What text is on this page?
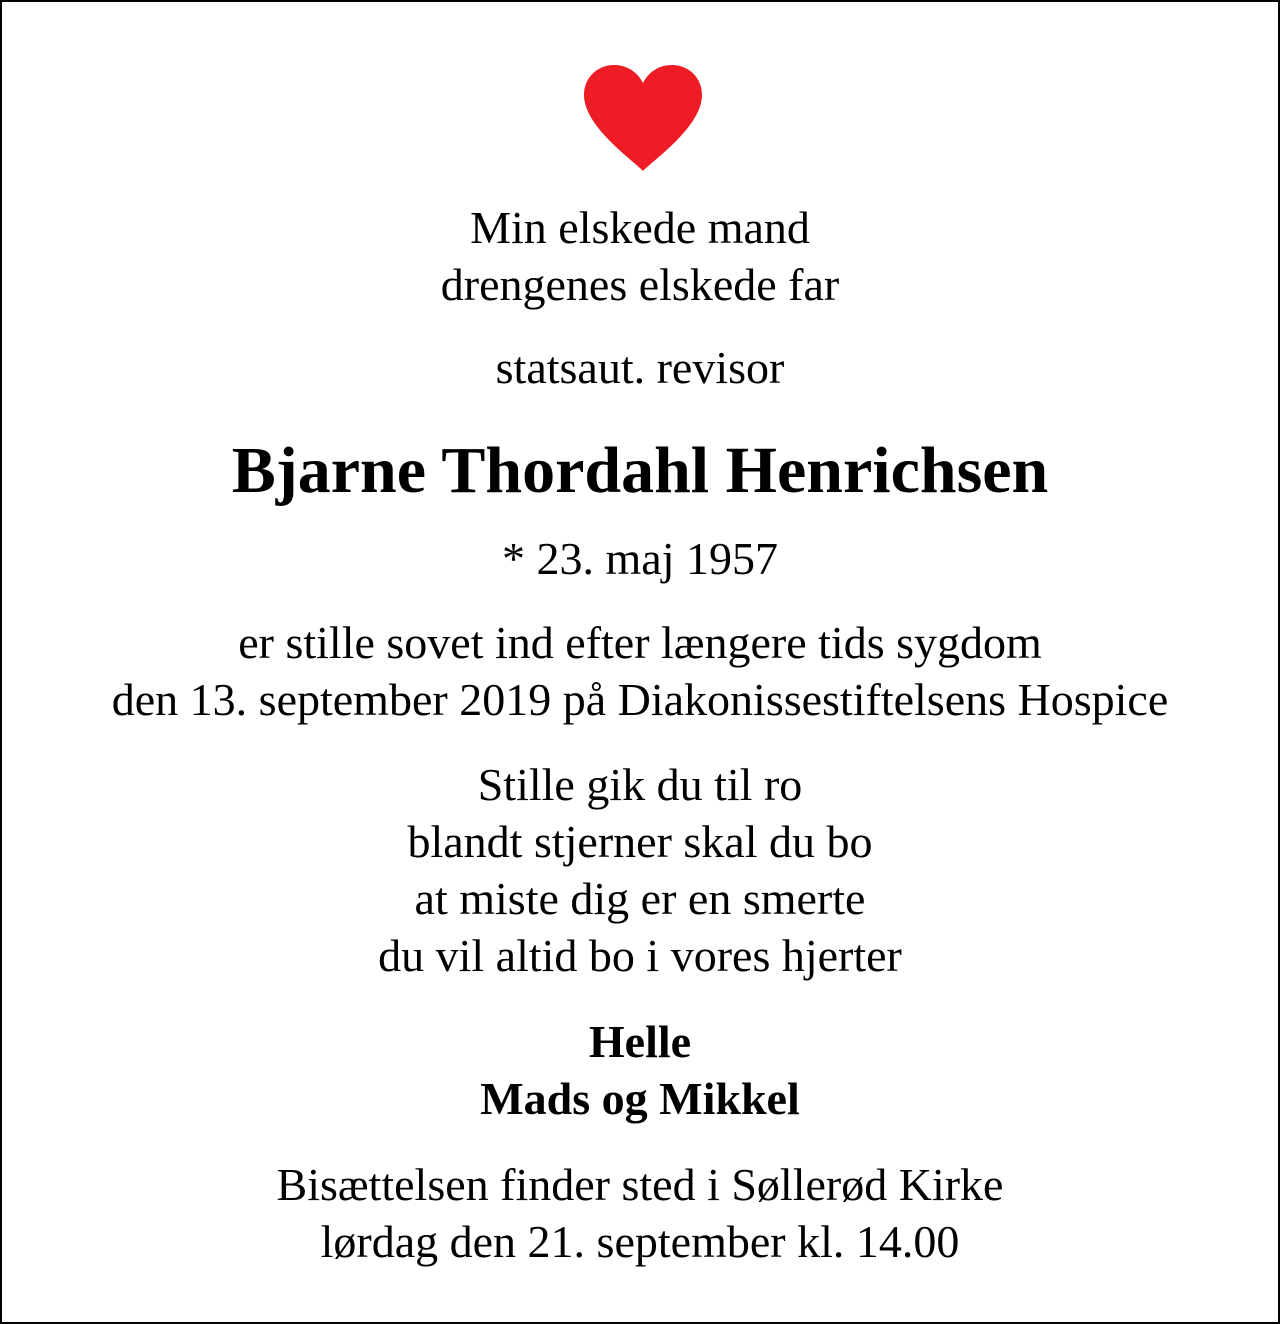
Min elskede mand
drengenes elskede far
statsaut. revisor
Bjarne Thordahl Henrichsen
* 23. maj 1957
er stille sovet ind efter længere tids sygdom
den 13. september 2019 på Diakonissestiftelsens Hospice
Stille gik du til ro
blandt stjerner skal du bo
at miste dig er en smerte
du vil altid bo i vores hjerter
Helle
Mads og Mikkel
Bisættelsen finder sted i Søllerød Kirke
lørdag den 21. september kl. 14.00
